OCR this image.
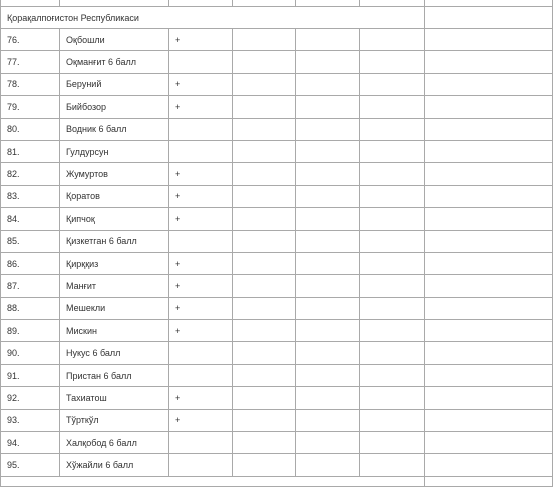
Қорақалпоғистон Республикаси						
76.	Оқбошли	+				
77.	Оқманғит 6 балл					
78.	Беруний	+				
79.	Бийбозор	+				
80.	Водник 6 балл					
81.	Гулдурсун					
82.	Жумуртов	+				
83.	Қоратов	+				
84.	Қипчоқ	+				
85.	Қизкетган 6 балл					
86.	Қирққиз	+				
87.	Манғит	+				
88.	Мешекли	+				
89.	Мискин	+				
90.	Нукус 6 балл					
91.	Пристан 6 балл					
92.	Тахиатош	+				
93.	Тўрткўл	+				
94.	Халқобод 6 балл					
95.	Хўжайли 6 балл					
